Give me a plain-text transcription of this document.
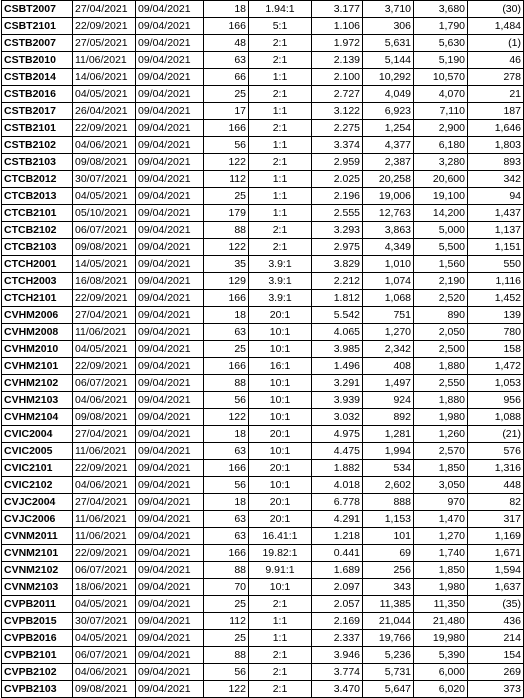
CSBT2007	27/04/2021	09/04/2021	18	1.94:1	3.177	3,710	3,680	(30)
CSBT2101	22/09/2021	09/04/2021	166	5:1	1.106	306	1,790	1,484
CSTB2007	27/05/2021	09/04/2021	48	2:1	1.972	5,631	5,630	(1)
CSTB2010	11/06/2021	09/04/2021	63	2:1	2.139	5,144	5,190	46
CSTB2014	14/06/2021	09/04/2021	66	1:1	2.100	10,292	10,570	278
CSTB2016	04/05/2021	09/04/2021	25	2:1	2.727	4,049	4,070	21
CSTB2017	26/04/2021	09/04/2021	17	1:1	3.122	6,923	7,110	187
CSTB2101	22/09/2021	09/04/2021	166	2:1	2.275	1,254	2,900	1,646
CSTB2102	04/06/2021	09/04/2021	56	1:1	3.374	4,377	6,180	1,803
CSTB2103	09/08/2021	09/04/2021	122	2:1	2.959	2,387	3,280	893
CTCB2012	30/07/2021	09/04/2021	112	1:1	2.025	20,258	20,600	342
CTCB2013	04/05/2021	09/04/2021	25	1:1	2.196	19,006	19,100	94
CTCB2101	05/10/2021	09/04/2021	179	1:1	2.555	12,763	14,200	1,437
CTCB2102	06/07/2021	09/04/2021	88	2:1	3.293	3,863	5,000	1,137
CTCB2103	09/08/2021	09/04/2021	122	2:1	2.975	4,349	5,500	1,151
CTCH2001	14/05/2021	09/04/2021	35	3.9:1	3.829	1,010	1,560	550
CTCH2003	16/08/2021	09/04/2021	129	3.9:1	2.212	1,074	2,190	1,116
CTCH2101	22/09/2021	09/04/2021	166	3.9:1	1.812	1,068	2,520	1,452
CVHM2006	27/04/2021	09/04/2021	18	20:1	5.542	751	890	139
CVHM2008	11/06/2021	09/04/2021	63	10:1	4.065	1,270	2,050	780
CVHM2010	04/05/2021	09/04/2021	25	10:1	3.985	2,342	2,500	158
CVHM2101	22/09/2021	09/04/2021	166	16:1	1.496	408	1,880	1,472
CVHM2102	06/07/2021	09/04/2021	88	10:1	3.291	1,497	2,550	1,053
CVHM2103	04/06/2021	09/04/2021	56	10:1	3.939	924	1,880	956
CVHM2104	09/08/2021	09/04/2021	122	10:1	3.032	892	1,980	1,088
CVIC2004	27/04/2021	09/04/2021	18	20:1	4.975	1,281	1,260	(21)
CVIC2005	11/06/2021	09/04/2021	63	10:1	4.475	1,994	2,570	576
CVIC2101	22/09/2021	09/04/2021	166	20:1	1.882	534	1,850	1,316
CVIC2102	04/06/2021	09/04/2021	56	10:1	4.018	2,602	3,050	448
CVJC2004	27/04/2021	09/04/2021	18	20:1	6.778	888	970	82
CVJC2006	11/06/2021	09/04/2021	63	20:1	4.291	1,153	1,470	317
CVNM2011	11/06/2021	09/04/2021	63	16.41:1	1.218	101	1,270	1,169
CVNM2101	22/09/2021	09/04/2021	166	19.82:1	0.441	69	1,740	1,671
CVNM2102	06/07/2021	09/04/2021	88	9.91:1	1.689	256	1,850	1,594
CVNM2103	18/06/2021	09/04/2021	70	10:1	2.097	343	1,980	1,637
CVPB2011	04/05/2021	09/04/2021	25	2:1	2.057	11,385	11,350	(35)
CVPB2015	30/07/2021	09/04/2021	112	1:1	2.169	21,044	21,480	436
CVPB2016	04/05/2021	09/04/2021	25	1:1	2.337	19,766	19,980	214
CVPB2101	06/07/2021	09/04/2021	88	2:1	3.946	5,236	5,390	154
CVPB2102	04/06/2021	09/04/2021	56	2:1	3.774	5,731	6,000	269
CVPB2103	09/08/2021	09/04/2021	122	2:1	3.470	5,647	6,020	373
